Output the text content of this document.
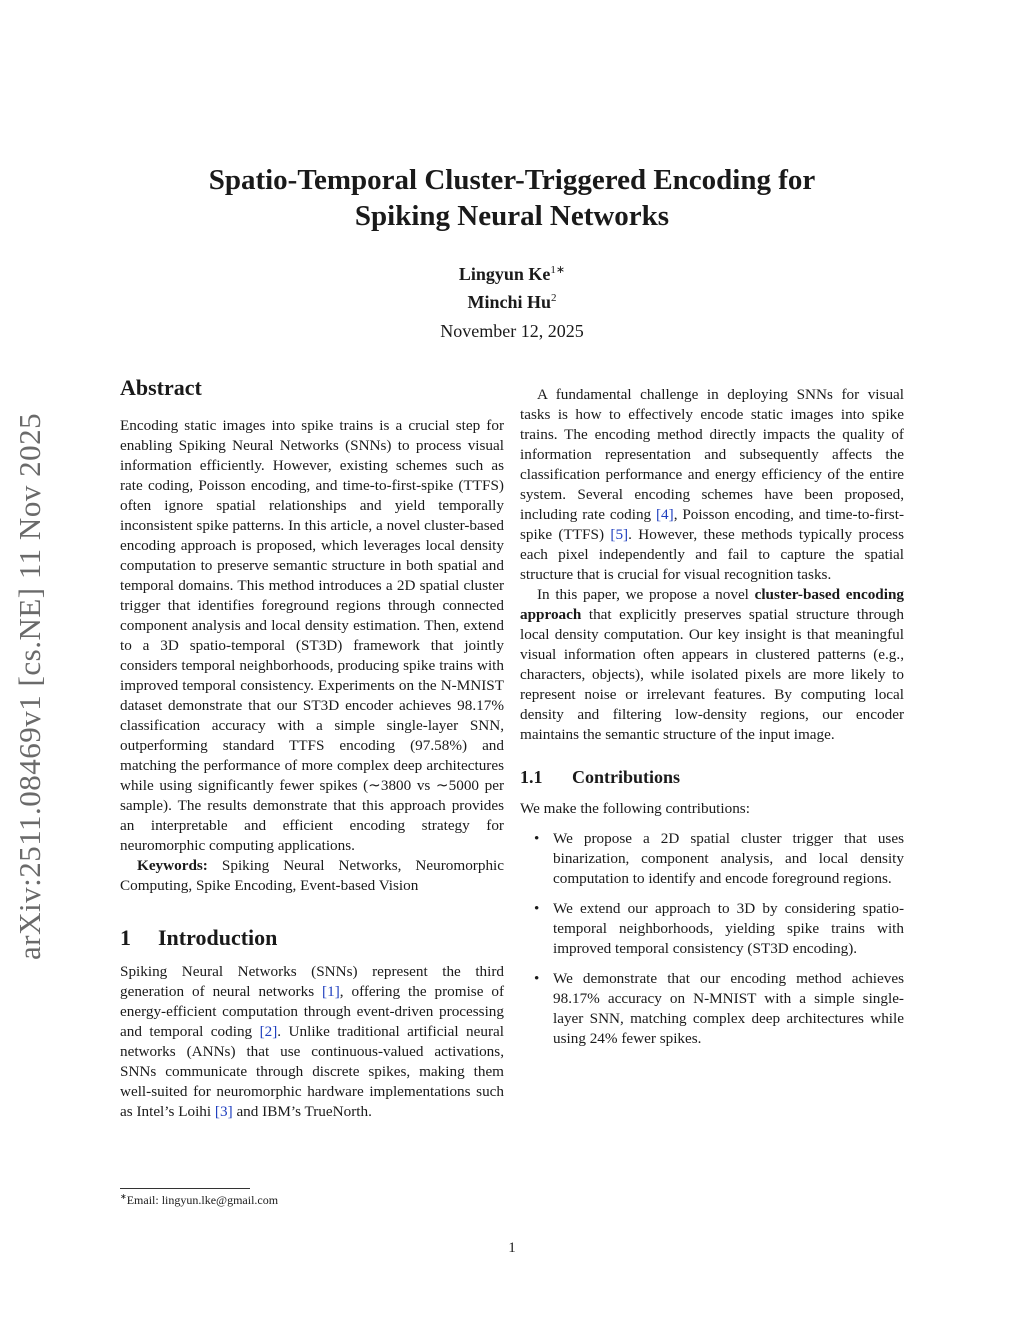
arXiv:2511.08469v1 [cs.NE] 11 Nov 2025

Spatio-Temporal Cluster-Triggered Encoding for

Spiking Neural Networks

Lingyun $Ke^{1∗}$
Minchi Hu$^2$
November 12, 2025
Abstract

Encoding static images into spike trains is a crucial step for enabling Spiking Neural Networks (SNNs) to process visual information efficiently. However, existing schemes such as rate coding, Poisson encoding, and time-to-first-spike (TTFS) often ignore spatial relationships and yield temporally inconsistent spike patterns. In this article, a novel cluster-based encoding approach is proposed, which leverages local density computation to preserve semantic structure in both spatial and temporal domains. This method introduces a 2D spatial cluster trigger that identifies foreground regions through connected component analysis and local density estimation. Then, extend to a 3D spatio-temporal (ST3D) framework that jointly considers temporal neighborhoods, producing spike trains with improved temporal consistency. Experiments on the N-MNIST dataset demonstrate that our ST3D encoder achieves 98.17% classification accuracy with a simple single-layer SNN, outperforming standard TTFS encoding (97.58%) and matching the performance of more complex deep architectures while using significantly fewer spikes (∼3800 vs ∼5000 per sample). The results demonstrate that this approach provides an interpretable and efficient encoding strategy for neuromorphic computing applications.

Keywords: Spiking Neural Networks, Neuromorphic Computing, Spike Encoding, Event-based Vision

1 Introduction

Spiking Neural Networks (SNNs) represent the third generation of neural networks [1], offering the promise of energy-efficient computation through event-driven processing and temporal coding [2]. Unlike traditional artificial neural networks (ANNs) that use continuous-valued activations, SNNs communicate through discrete spikes, making them well-suited for neuromorphic hardware implementations such as Intel’s Loihi [3] and IBM’s TrueNorth.

∗Email: lingyun.lke@gmail.com

A fundamental challenge in deploying SNNs for visual tasks is how to effectively encode static images into spike trains. The encoding method directly impacts the quality of information representation and subsequently affects the classification performance and energy efficiency of the entire system. Several encoding schemes have been proposed, including rate coding [4], Poisson encoding, and time-to-first-spike (TTFS) [5]. However, these methods typically process each pixel independently and fail to capture the spatial structure that is crucial for visual recognition tasks.

In this paper, we propose a novel cluster-based encoding approach that explicitly preserves spatial structure through local density computation. Our key insight is that meaningful visual information often appears in clustered patterns (e.g., characters, objects), while isolated pixels are more likely to represent noise or irrelevant features. By computing local density and filtering low-density regions, our encoder maintains the semantic structure of the input image.

1.1 Contributions

We make the following contributions:

• We propose a 2D spatial cluster trigger that uses binarization, component analysis, and local density computation to identify and encode foreground regions.
• We extend our approach to 3D by considering spatio-temporal neighborhoods, yielding spike trains with improved temporal consistency (ST3D encoding).
• We demonstrate that our encoding method achieves 98.17% accuracy on N-MNIST with a simple single-layer SNN, matching complex deep architectures while using 24% fewer spikes.
1
